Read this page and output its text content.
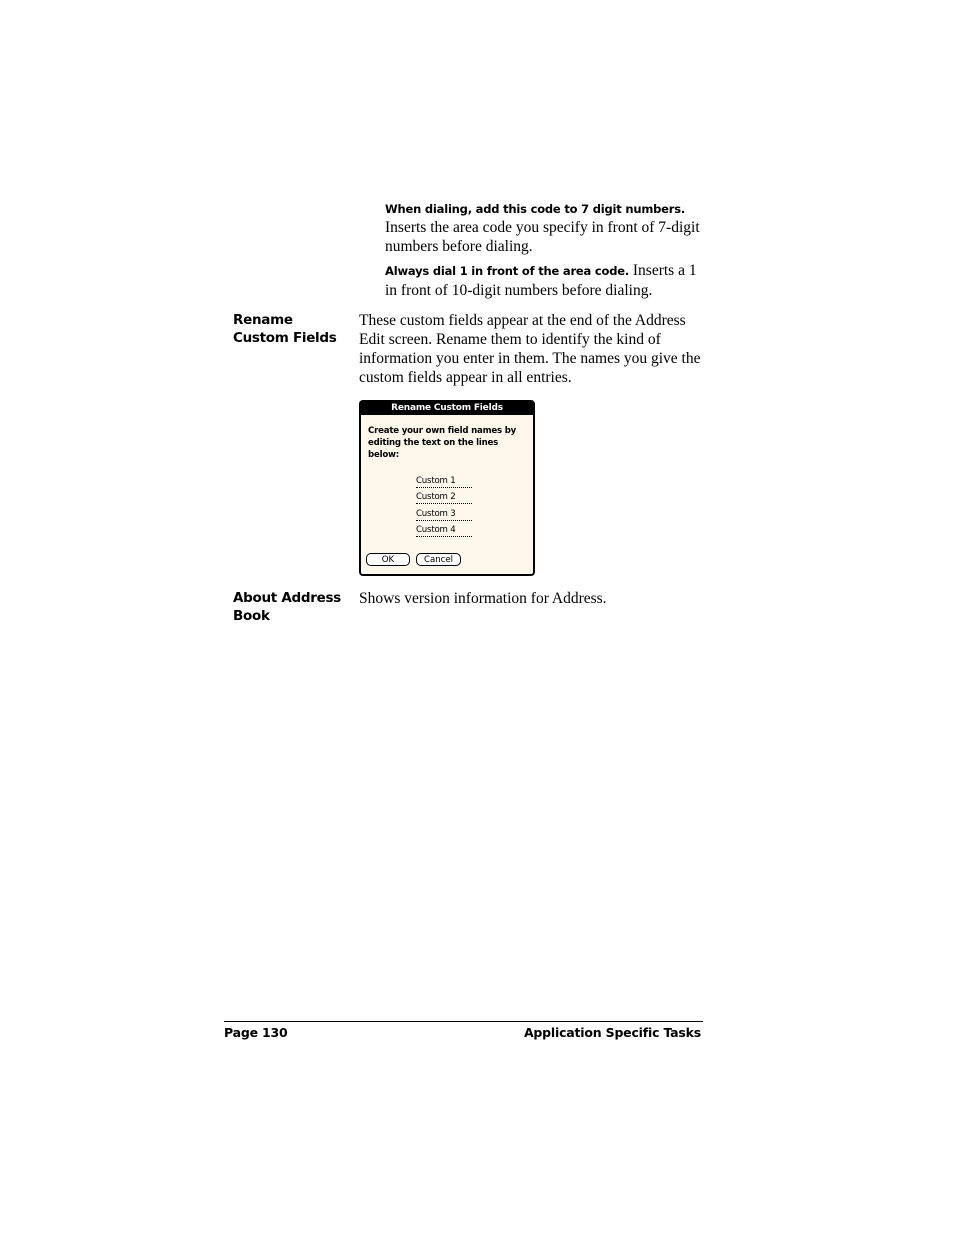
When dialing, add this code to 7 digit numbers.
Inserts the area code you specify in front of 7-digit numbers before dialing.
Always dial 1 in front of the area code. Inserts a 1 in front of 10-digit numbers before dialing.
Rename Custom Fields
These custom fields appear at the end of the Address Edit screen. Rename them to identify the kind of information you enter in them. The names you give the custom fields appear in all entries.
Rename Custom Fields
Create your own field names by editing the text on the lines below:
Custom 1
Custom 2
Custom 3
Custom 4
OK	Cancel
About Address Book
Shows version information for Address.
Page 130	Application Specific Tasks
